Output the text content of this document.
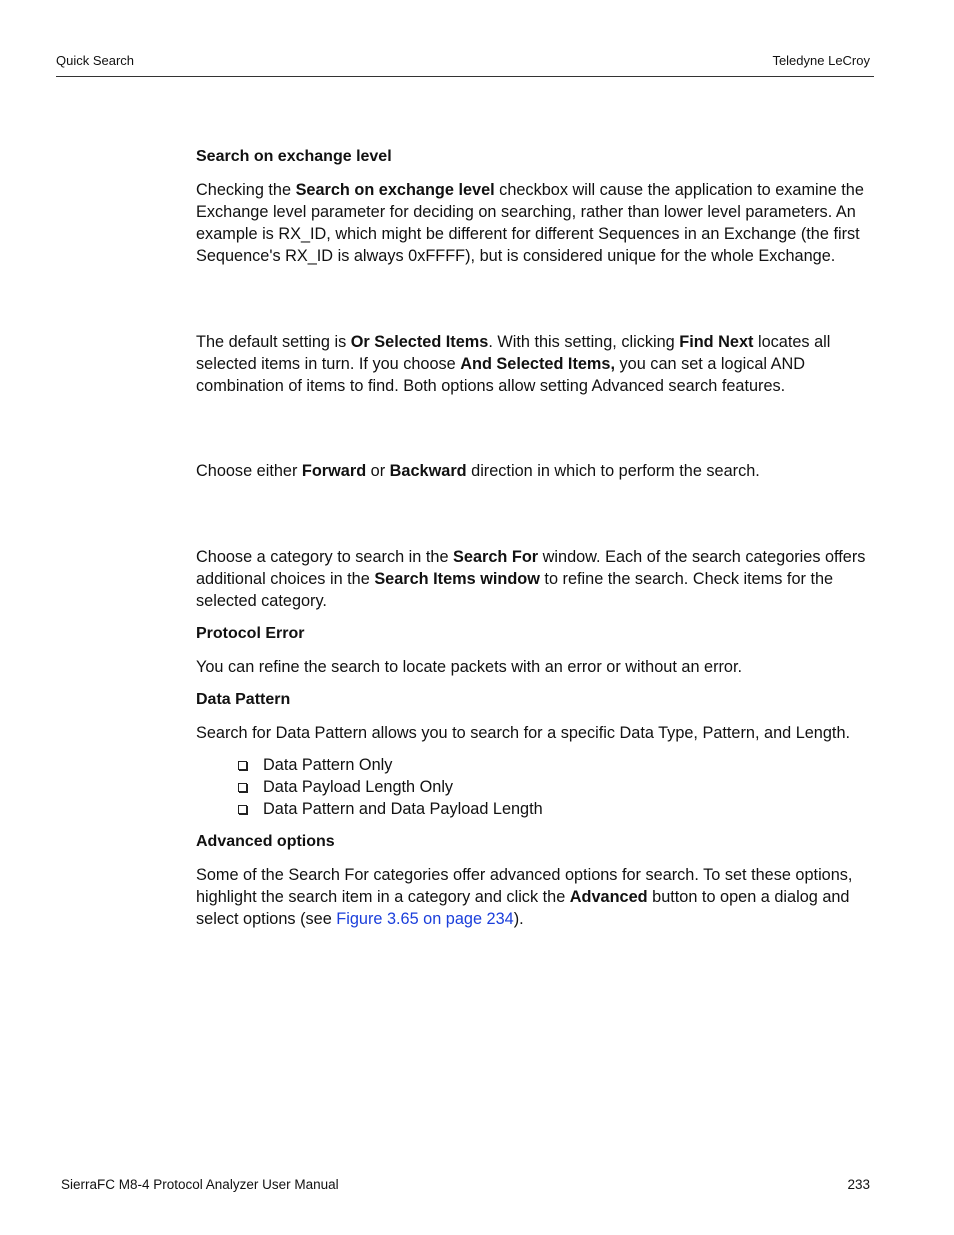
Quick Search	Teledyne LeCroy
Search on exchange level

Checking the Search on exchange level checkbox will cause the application to examine the Exchange level parameter for deciding on searching, rather than lower level parameters. An example is RX_ID, which might be different for different Sequences in an Exchange (the first Sequence's RX_ID is always 0xFFFF), but is considered unique for the whole Exchange.

The default setting is Or Selected Items. With this setting, clicking Find Next locates all selected items in turn. If you choose And Selected Items, you can set a logical AND combination of items to find. Both options allow setting Advanced search features.

Choose either Forward or Backward direction in which to perform the search.

Choose a category to search in the Search For window. Each of the search categories offers additional choices in the Search Items window to refine the search. Check items for the selected category.

Protocol Error

You can refine the search to locate packets with an error or without an error.

Data Pattern

Search for Data Pattern allows you to search for a specific Data Type, Pattern, and Length.

Data Pattern Only
Data Payload Length Only
Data Pattern and Data Payload Length
Advanced options

Some of the Search For categories offer advanced options for search. To set these options, highlight the search item in a category and click the Advanced button to open a dialog and select options (see Figure 3.65 on page 234).

SierraFC M8-4 Protocol Analyzer User Manual	233
